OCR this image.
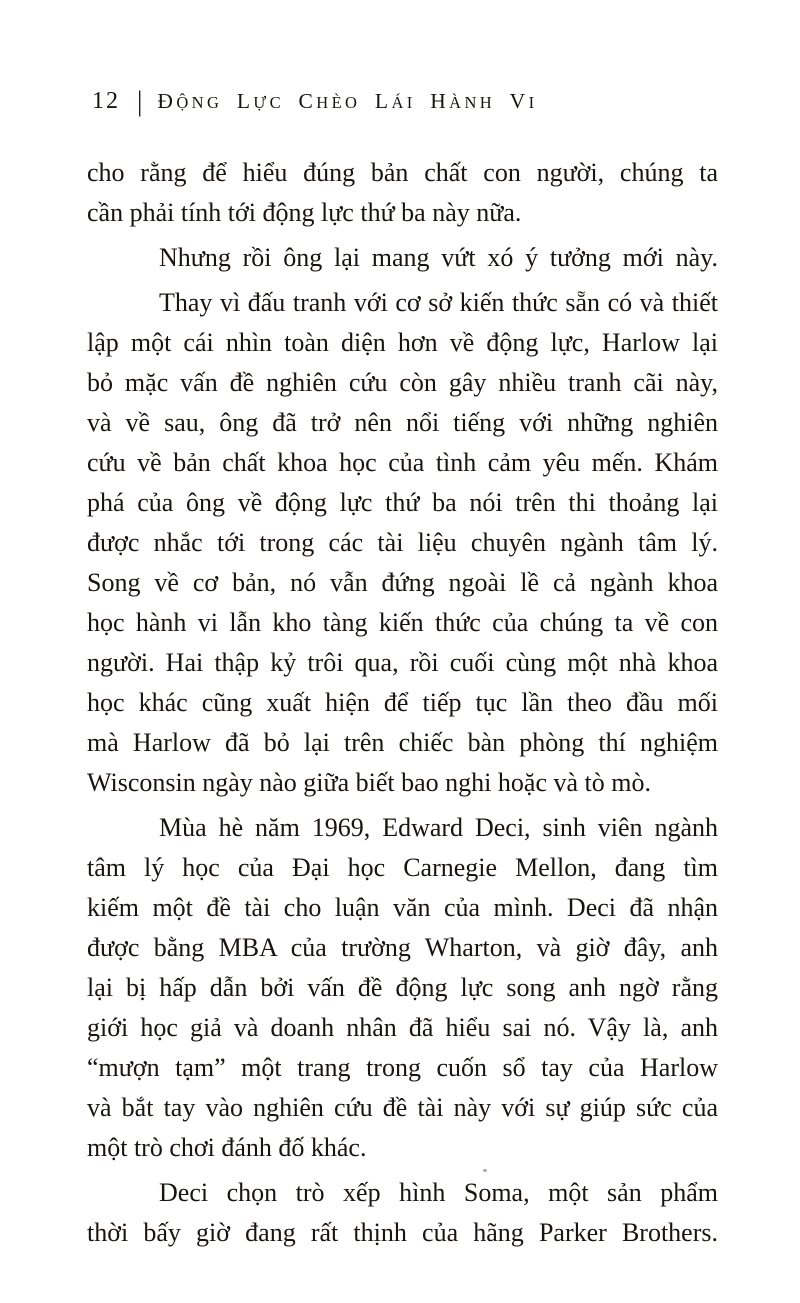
12 | ĐỘNG LỰC CHÈO LÁI HÀNH VI
cho rằng để hiểu đúng bản chất con người, chúng ta
cần phải tính tới động lực thứ ba này nữa.
Nhưng rồi ông lại mang vứt xó ý tưởng mới này.
Thay vì đấu tranh với cơ sở kiến thức sẵn có và thiết
lập một cái nhìn toàn diện hơn về động lực, Harlow lại
bỏ mặc vấn đề nghiên cứu còn gây nhiều tranh cãi này,
và về sau, ông đã trở nên nổi tiếng với những nghiên
cứu về bản chất khoa học của tình cảm yêu mến. Khám
phá của ông về động lực thứ ba nói trên thi thoảng lại
được nhắc tới trong các tài liệu chuyên ngành tâm lý.
Song về cơ bản, nó vẫn đứng ngoài lề cả ngành khoa
học hành vi lẫn kho tàng kiến thức của chúng ta về con
người. Hai thập kỷ trôi qua, rồi cuối cùng một nhà khoa
học khác cũng xuất hiện để tiếp tục lần theo đầu mối
mà Harlow đã bỏ lại trên chiếc bàn phòng thí nghiệm
Wisconsin ngày nào giữa biết bao nghi hoặc và tò mò.
Mùa hè năm 1969, Edward Deci, sinh viên ngành
tâm lý học của Đại học Carnegie Mellon, đang tìm
kiếm một đề tài cho luận văn của mình. Deci đã nhận
được bằng MBA của trường Wharton, và giờ đây, anh
lại bị hấp dẫn bởi vấn đề động lực song anh ngờ rằng
giới học giả và doanh nhân đã hiểu sai nó. Vậy là, anh
“mượn tạm” một trang trong cuốn sổ tay của Harlow
và bắt tay vào nghiên cứu đề tài này với sự giúp sức của
một trò chơi đánh đố khác.
Deci chọn trò xếp hình Soma, một sản phẩm
thời bấy giờ đang rất thịnh của hãng Parker Brothers.
